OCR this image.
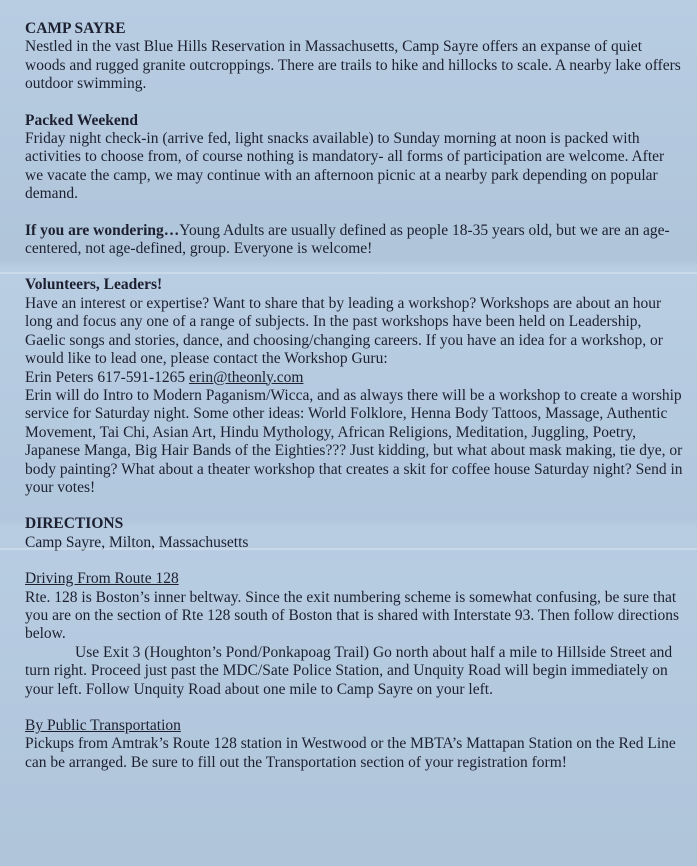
CAMP SAYRE

Nestled in the vast Blue Hills Reservation in Massachusetts, Camp Sayre offers an expanse of quiet woods and rugged granite outcroppings. There are trails to hike and hillocks to scale. A nearby lake offers outdoor swimming.

Packed Weekend

Friday night check-in (arrive fed, light snacks available) to Sunday morning at noon is packed with activities to choose from, of course nothing is mandatory- all forms of participation are welcome. After we vacate the camp, we may continue with an afternoon picnic at a nearby park depending on popular demand.

If you are wondering…Young Adults are usually defined as people 18-35 years old, but we are an age-centered, not age-defined, group. Everyone is welcome!

Volunteers, Leaders!

Have an interest or expertise? Want to share that by leading a workshop? Workshops are about an hour long and focus any one of a range of subjects. In the past workshops have been held on Leadership, Gaelic songs and stories, dance, and choosing/changing careers. If you have an idea for a workshop, or would like to lead one, please contact the Workshop Guru:

Erin Peters 617-591-1265 erin@theonly.com

Erin will do Intro to Modern Paganism/Wicca, and as always there will be a workshop to create a worship service for Saturday night. Some other ideas: World Folklore, Henna Body Tattoos, Massage, Authentic Movement, Tai Chi, Asian Art, Hindu Mythology, African Religions, Meditation, Juggling, Poetry, Japanese Manga, Big Hair Bands of the Eighties??? Just kidding, but what about mask making, tie dye, or body painting? What about a theater workshop that creates a skit for coffee house Saturday night? Send in your votes!

DIRECTIONS

Camp Sayre, Milton, Massachusetts

Driving From Route 128

Rte. 128 is Boston’s inner beltway. Since the exit numbering scheme is somewhat confusing, be sure that you are on the section of Rte 128 south of Boston that is shared with Interstate 93. Then follow directions below.

Use Exit 3 (Houghton’s Pond/Ponkapoag Trail) Go north about half a mile to Hillside Street and turn right. Proceed just past the MDC/Sate Police Station, and Unquity Road will begin immediately on your left. Follow Unquity Road about one mile to Camp Sayre on your left.

By Public Transportation

Pickups from Amtrak’s Route 128 station in Westwood or the MBTA’s Mattapan Station on the Red Line can be arranged. Be sure to fill out the Transportation section of your registration form!
